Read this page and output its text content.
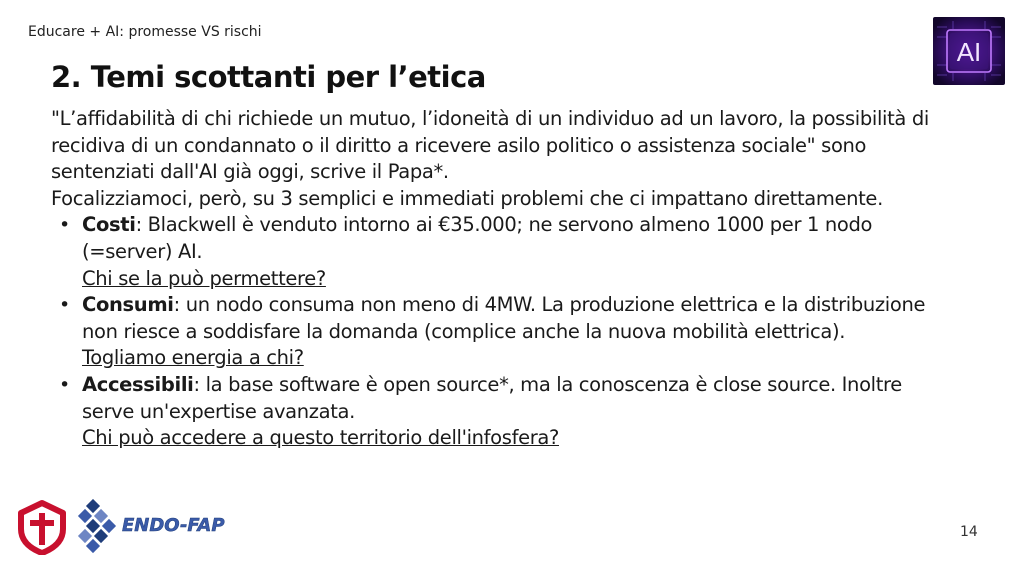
Educare + AI: promesse VS rischi
AI
2. Temi scottanti per l’etica

"L’affidabilità di chi richiede un mutuo, l’idoneità di un individuo ad un lavoro, la possibilità di recidiva di un condannato o il diritto a ricevere asilo politico o assistenza sociale" sono sentenziati dall'AI già oggi, scrive il Papa*.

Focalizziamoci, però, su 3 semplici e immediati problemi che ci impattano direttamente.

• Costi: Blackwell è venduto intorno ai €35.000; ne servono almeno 1000 per 1 nodo (=server) AI.
Chi se la può permettere?
• Consumi: un nodo consuma non meno di 4MW. La produzione elettrica e la distribuzione non riesce a soddisfare la domanda (complice anche la nuova mobilità elettrica).
Togliamo energia a chi?
• Accessibili: la base software è open source*, ma la conoscenza è close source. Inoltre serve un'expertise avanzata.
Chi può accedere a questo territorio dell'infosfera?
ENDO-FAP	14
